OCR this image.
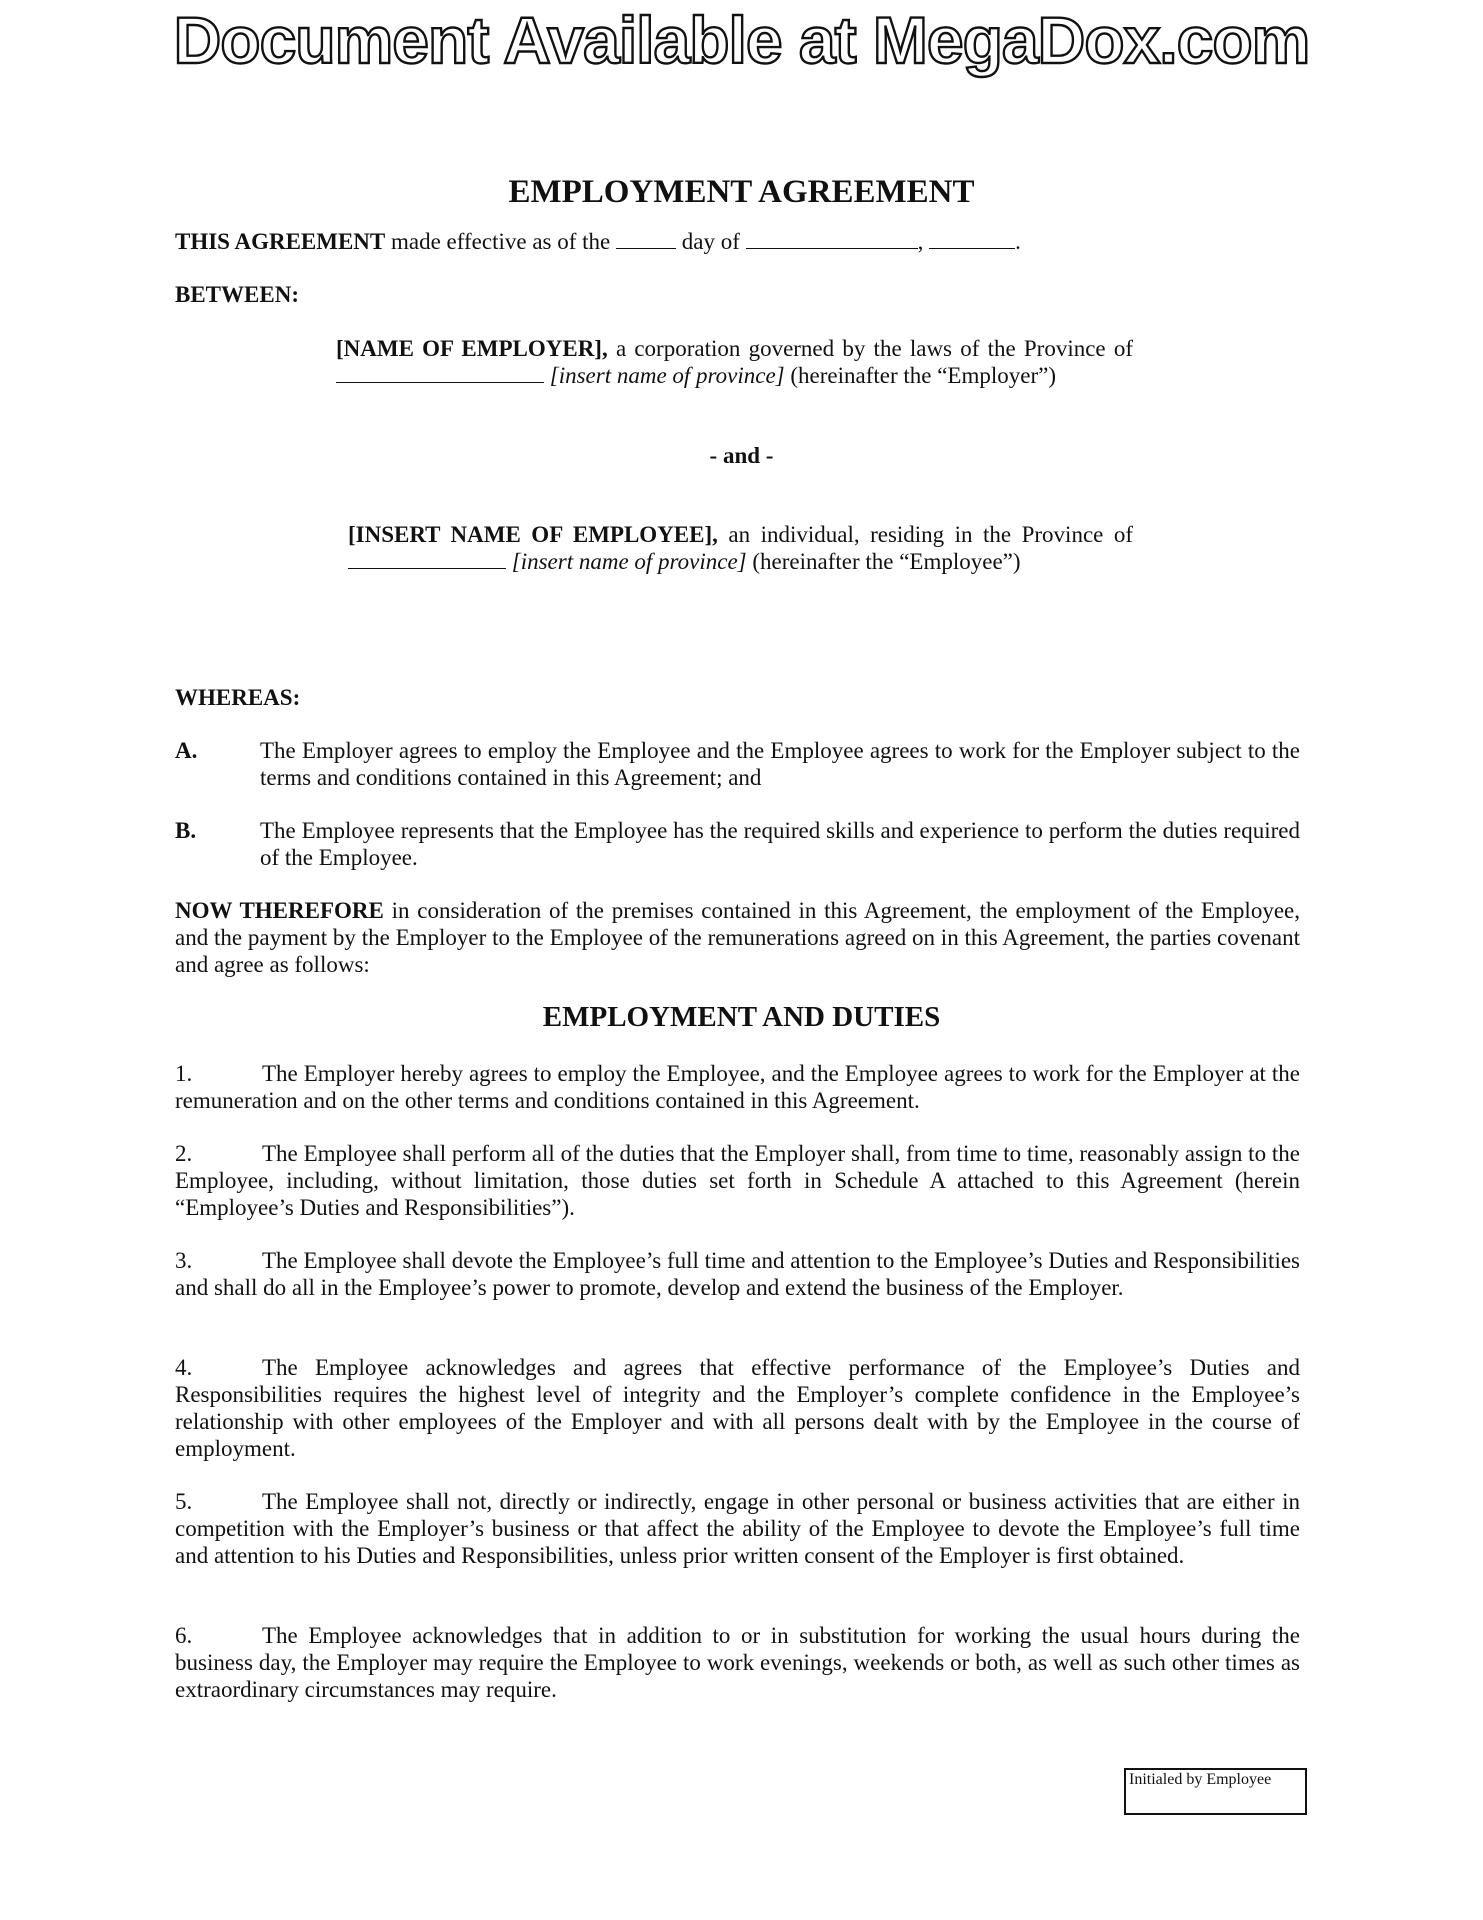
Document Available at MegaDox.com
EMPLOYMENT AGREEMENT
THIS AGREEMENT made effective as of the	day of	,	.
BETWEEN:
[NAME OF EMPLOYER], a corporation governed by the laws of the Province of  [insert name of province] (hereinafter the “Employer”)
- and -
[INSERT NAME OF EMPLOYEE], an individual, residing in the Province of  [insert name of province] (hereinafter the “Employee”)
WHEREAS:
A.	The Employer agrees to employ the Employee and the Employee agrees to work for the Employer subject to the terms and conditions contained in this Agreement; and
B.	The Employee represents that the Employee has the required skills and experience to perform the duties required of the Employee.
NOW THEREFORE in consideration of the premises contained in this Agreement, the employment of the Employee, and the payment by the Employer to the Employee of the remunerations agreed on in this Agreement, the parties covenant and agree as follows:
EMPLOYMENT AND DUTIES
1.	The Employer hereby agrees to employ the Employee, and the Employee agrees to work for the Employer at the remuneration and on the other terms and conditions contained in this Agreement.
2.	The Employee shall perform all of the duties that the Employer shall, from time to time, reasonably assign to the Employee, including, without limitation, those duties set forth in Schedule A attached to this Agreement (herein “Employee’s Duties and Responsibilities”).
3.	The Employee shall devote the Employee’s full time and attention to the Employee’s Duties and Responsibilities and shall do all in the Employee’s power to promote, develop and extend the business of the Employer.
4.	The Employee acknowledges and agrees that effective performance of the Employee’s Duties and Responsibilities requires the highest level of integrity and the Employer’s complete confidence in the Employee’s relationship with other employees of the Employer and with all persons dealt with by the Employee in the course of employment.
5.	The Employee shall not, directly or indirectly, engage in other personal or business activities that are either in competition with the Employer’s business or that affect the ability of the Employee to devote the Employee’s full time and attention to his Duties and Responsibilities, unless prior written consent of the Employer is first obtained.
6.	The Employee acknowledges that in addition to or in substitution for working the usual hours during the business day, the Employer may require the Employee to work evenings, weekends or both, as well as such other times as extraordinary circumstances may require.
Initialed by Employee
